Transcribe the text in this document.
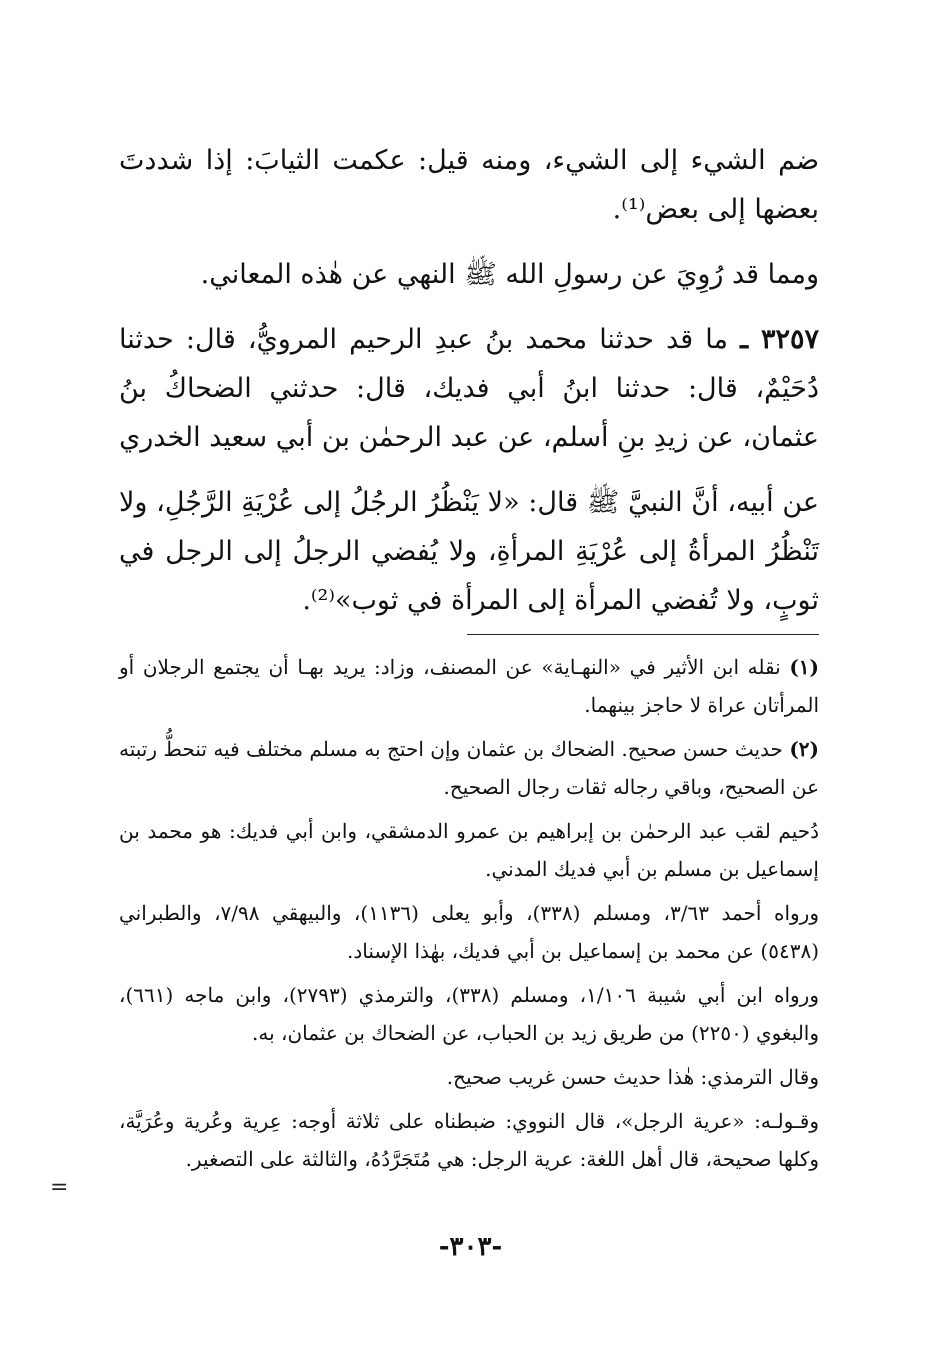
ضم الشيء إلى الشيء، ومنه قيل: عكمت الثيابَ: إذا شددتَ بعضها إلى بعض⁽¹⁾.

ومما قد رُوِيَ عن رسولِ الله ﷺ النهي عن هٰذه المعاني.

٣٢٥٧ ـ ما قد حدثنا محمد بنُ عبدِ الرحيم المرويُّ، قال: حدثنا دُحَيْمٌ، قال: حدثنا ابنُ أبي فديك، قال: حدثني الضحاكُ بنُ عثمان، عن زيدِ بنِ أسلم، عن عبد الرحمٰن بن أبي سعيد الخدري

عن أبيه، أنَّ النبيَّ ﷺ قال: «لا يَنْظُرُ الرجُلُ إلى عُرْيَةِ الرَّجُلِ، ولا تَنْظُرُ المرأةُ إلى عُرْيَةِ المرأةِ، ولا يُفضي الرجلُ إلى الرجل في ثوبٍ، ولا تُفضي المرأة إلى المرأة في ثوب»⁽²⁾.

(١) نقله ابن الأثير في «النهـاية» عن المصنف، وزاد: يريد بهـا أن يجتمع الرجلان أو المرأتان عراة لا حاجز بينهما.

(٢) حديث حسن صحيح. الضحاك بن عثمان وإن احتج به مسلم مختلف فيه تنحطُّ رتبته عن الصحيح، وباقي رجاله ثقات رجال الصحيح.

دُحيم لقب عبد الرحمٰن بن إبراهيم بن عمرو الدمشقي، وابن أبي فديك: هو محمد بن إسماعيل بن مسلم بن أبي فديك المدني.

ورواه أحمد ٣/٦٣، ومسلم (٣٣٨)، وأبو يعلى (١١٣٦)، والبيهقي ٧/٩٨، والطبراني (٥٤٣٨) عن محمد بن إسماعيل بن أبي فديك، بهٰذا الإسناد.

ورواه ابن أبي شيبة ١/١٠٦، ومسلم (٣٣٨)، والترمذي (٢٧٩٣)، وابن ماجه (٦٦١)، والبغوي (٢٢٥٠) من طريق زيد بن الحباب، عن الضحاك بن عثمان، به.

وقال الترمذي: هٰذا حديث حسن غريب صحيح.

وقـولـه: «عرية الرجل»، قال النووي: ضبطناه على ثلاثة أوجه: عِرية وعُرية وعُرَيَّة، وكلها صحيحة، قال أهل اللغة: عرية الرجل: هي مُتَجَرَّدُهُ، والثالثة على التصغير.

=
-٣٠٣-
